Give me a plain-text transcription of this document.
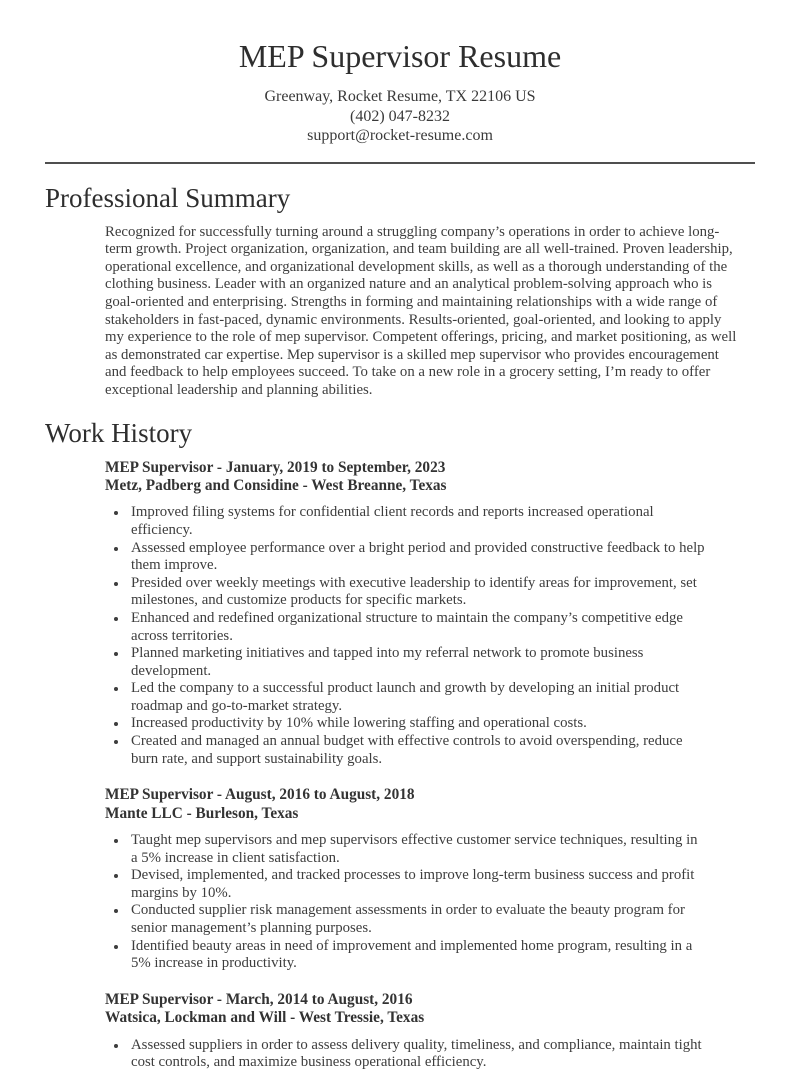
MEP Supervisor Resume
Greenway, Rocket Resume, TX 22106 US
(402) 047-8232
support@rocket-resume.com
Professional Summary

Recognized for successfully turning around a struggling company’s operations in order to achieve long-term growth. Project organization, organization, and team building are all well-trained. Proven leadership, operational excellence, and organizational development skills, as well as a thorough understanding of the clothing business. Leader with an organized nature and an analytical problem-solving approach who is goal-oriented and enterprising. Strengths in forming and maintaining relationships with a wide range of stakeholders in fast-paced, dynamic environments. Results-oriented, goal-oriented, and looking to apply my experience to the role of mep supervisor. Competent offerings, pricing, and market positioning, as well as demonstrated car expertise. Mep supervisor is a skilled mep supervisor who provides encouragement and feedback to help employees succeed. To take on a new role in a grocery setting, I’m ready to offer exceptional leadership and planning abilities.

Work History
MEP Supervisor - January, 2019 to September, 2023
Metz, Padberg and Considine - West Breanne, Texas
• Improved filing systems for confidential client records and reports increased operational efficiency.
• Assessed employee performance over a bright period and provided constructive feedback to help them improve.
• Presided over weekly meetings with executive leadership to identify areas for improvement, set milestones, and customize products for specific markets.
• Enhanced and redefined organizational structure to maintain the company’s competitive edge across territories.
• Planned marketing initiatives and tapped into my referral network to promote business development.
• Led the company to a successful product launch and growth by developing an initial product roadmap and go-to-market strategy.
• Increased productivity by 10% while lowering staffing and operational costs.
• Created and managed an annual budget with effective controls to avoid overspending, reduce burn rate, and support sustainability goals.
MEP Supervisor - August, 2016 to August, 2018
Mante LLC - Burleson, Texas
• Taught mep supervisors and mep supervisors effective customer service techniques, resulting in a 5% increase in client satisfaction.
• Devised, implemented, and tracked processes to improve long-term business success and profit margins by 10%.
• Conducted supplier risk management assessments in order to evaluate the beauty program for senior management’s planning purposes.
• Identified beauty areas in need of improvement and implemented home program, resulting in a 5% increase in productivity.
MEP Supervisor - March, 2014 to August, 2016
Watsica, Lockman and Will - West Tressie, Texas
• Assessed suppliers in order to assess delivery quality, timeliness, and compliance, maintain tight cost controls, and maximize business operational efficiency.
